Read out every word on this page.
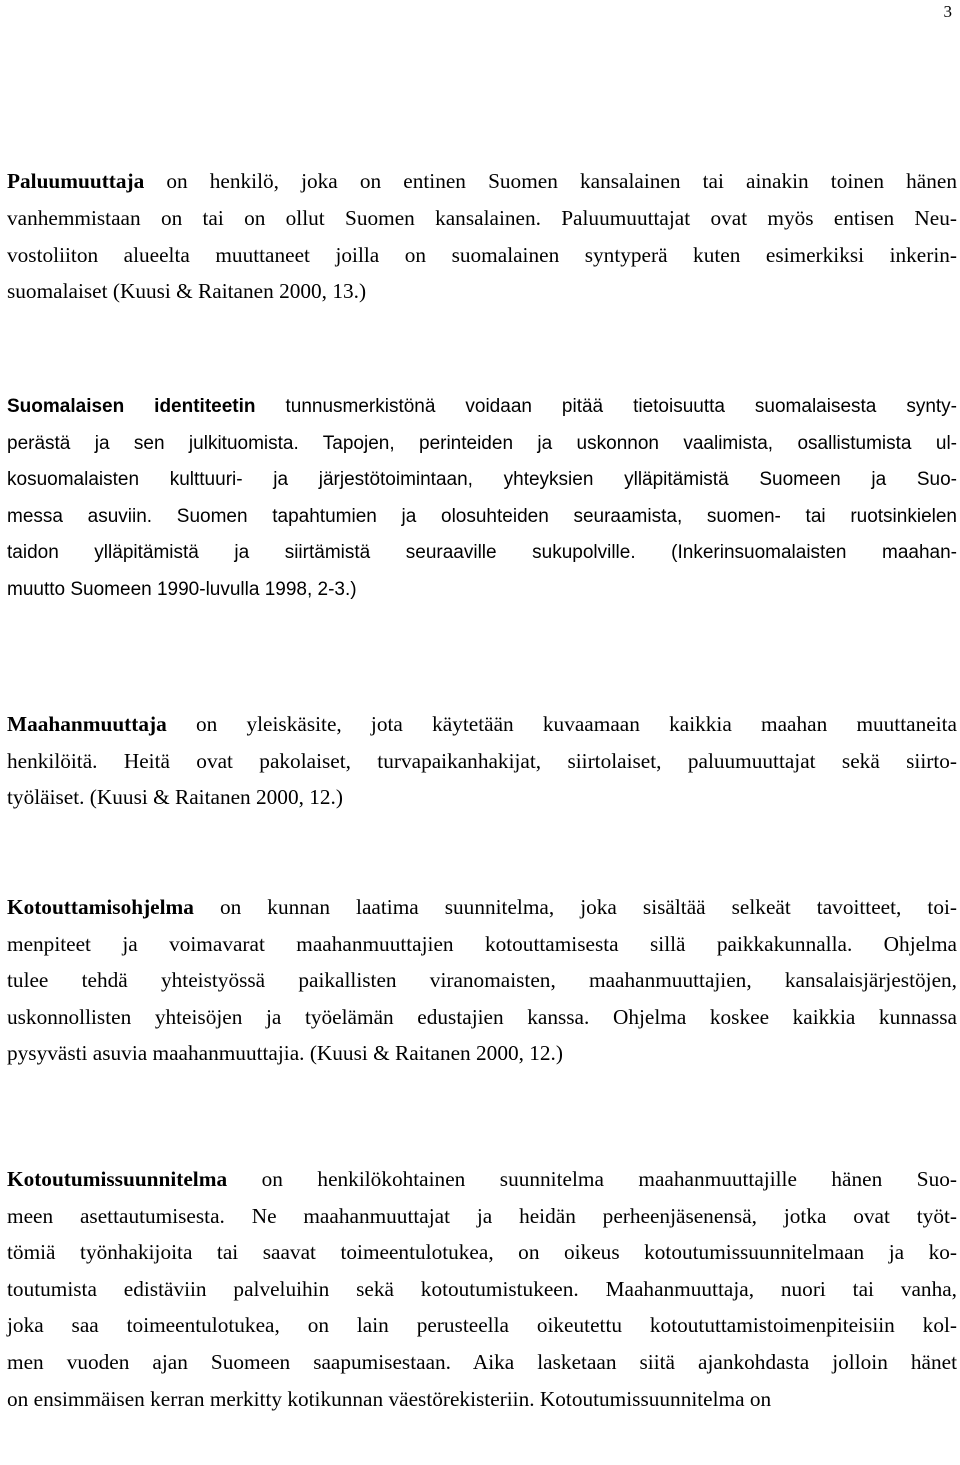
3
Paluumuuttaja on henkilö, joka on entinen Suomen kansalainen tai ainakin toinen hänen
vanhemmistaan on tai on ollut Suomen kansalainen. Paluumuuttajat ovat myös entisen Neu-
vostoliiton alueelta muuttaneet joilla on suomalainen syntyperä kuten esimerkiksi inkerin-
suomalaiset (Kuusi & Raitanen 2000, 13.)
Suomalaisen identiteetin tunnusmerkistönä voidaan pitää tietoisuutta suomalaisesta synty-
perästä ja sen julkituomista. Tapojen, perinteiden ja uskonnon vaalimista, osallistumista ul-
kosuomalaisten kulttuuri- ja järjestötoimintaan, yhteyksien ylläpitämistä Suomeen ja Suo-
messa asuviin. Suomen tapahtumien ja olosuhteiden seuraamista, suomen- tai ruotsinkielen
taidon ylläpitämistä ja siirtämistä seuraaville sukupolville. (Inkerinsuomalaisten maahan-
muutto Suomeen 1990-luvulla 1998, 2-3.)
Maahanmuuttaja on yleiskäsite, jota käytetään kuvaamaan kaikkia maahan muuttaneita
henkilöitä. Heitä ovat pakolaiset, turvapaikanhakijat, siirtolaiset, paluumuuttajat sekä siirto-
työläiset. (Kuusi & Raitanen 2000, 12.)
Kotouttamisohjelma on kunnan laatima suunnitelma, joka sisältää selkeät tavoitteet, toi-
menpiteet ja voimavarat maahanmuuttajien kotouttamisesta sillä paikkakunnalla. Ohjelma
tulee tehdä yhteistyössä paikallisten viranomaisten, maahanmuuttajien, kansalaisjärjestöjen,
uskonnollisten yhteisöjen ja työelämän edustajien kanssa. Ohjelma koskee kaikkia kunnassa
pysyvästi asuvia maahanmuuttajia. (Kuusi & Raitanen 2000, 12.)
Kotoutumissuunnitelma on henkilökohtainen suunnitelma maahanmuuttajille hänen Suo-
meen asettautumisesta. Ne maahanmuuttajat ja heidän perheenjäsenensä, jotka ovat työt-
tömiä työnhakijoita tai saavat toimeentulotukea, on oikeus kotoutumissuunnitelmaan ja ko-
toutumista edistäviin palveluihin sekä kotoutumistukeen. Maahanmuuttaja, nuori tai vanha,
joka saa toimeentulotukea, on lain perusteella oikeutettu kotoututtamistoimenpiteisiin kol-
men vuoden ajan Suomeen saapumisestaan. Aika lasketaan siitä ajankohdasta jolloin hänet
on ensimmäisen kerran merkitty kotikunnan väestörekisteriin. Kotoutumissuunnitelma on
